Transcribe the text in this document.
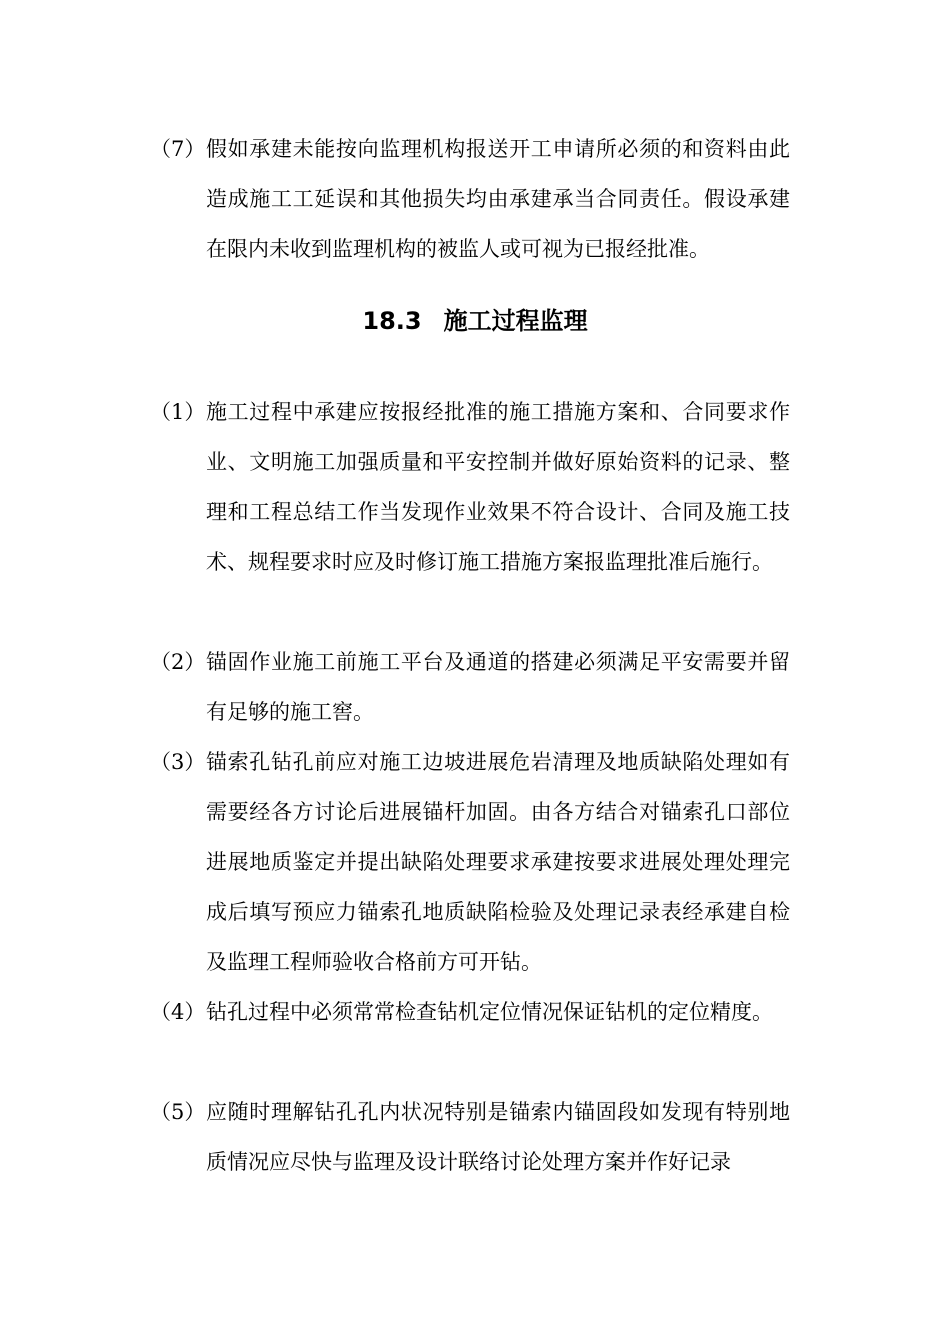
（7） 假如承建未能按向监理机构报送开工申请所必须的和资料由此造成施工工延误和其他损失均由承建承当合同责任。假设承建在限内未收到监理机构的被监人或可视为已报经批准。
18.3 施工过程监理
（1） 施工过程中承建应按报经批准的施工措施方案和、合同要求作业、文明施工加强质量和平安控制并做好原始资料的记录、整理和工程总结工作当发现作业效果不符合设计、合同及施工技术、规程要求时应及时修订施工措施方案报监理批准后施行。
（2） 锚固作业施工前施工平台及通道的搭建必须满足平安需要并留有足够的施工窖。
（3） 锚索孔钻孔前应对施工边坡进展危岩清理及地质缺陷处理如有需要经各方讨论后进展锚杆加固。由各方结合对锚索孔口部位进展地质鉴定并提出缺陷处理要求承建按要求进展处理处理完成后填写预应力锚索孔地质缺陷检验及处理记录表经承建自检及监理工程师验收合格前方可开钻。
（4） 钻孔过程中必须常常检查钻机定位情况保证钻机的定位精度。
（5） 应随时理解钻孔孔内状况特别是锚索内锚固段如发现有特别地质情况应尽快与监理及设计联络讨论处理方案并作好记录
